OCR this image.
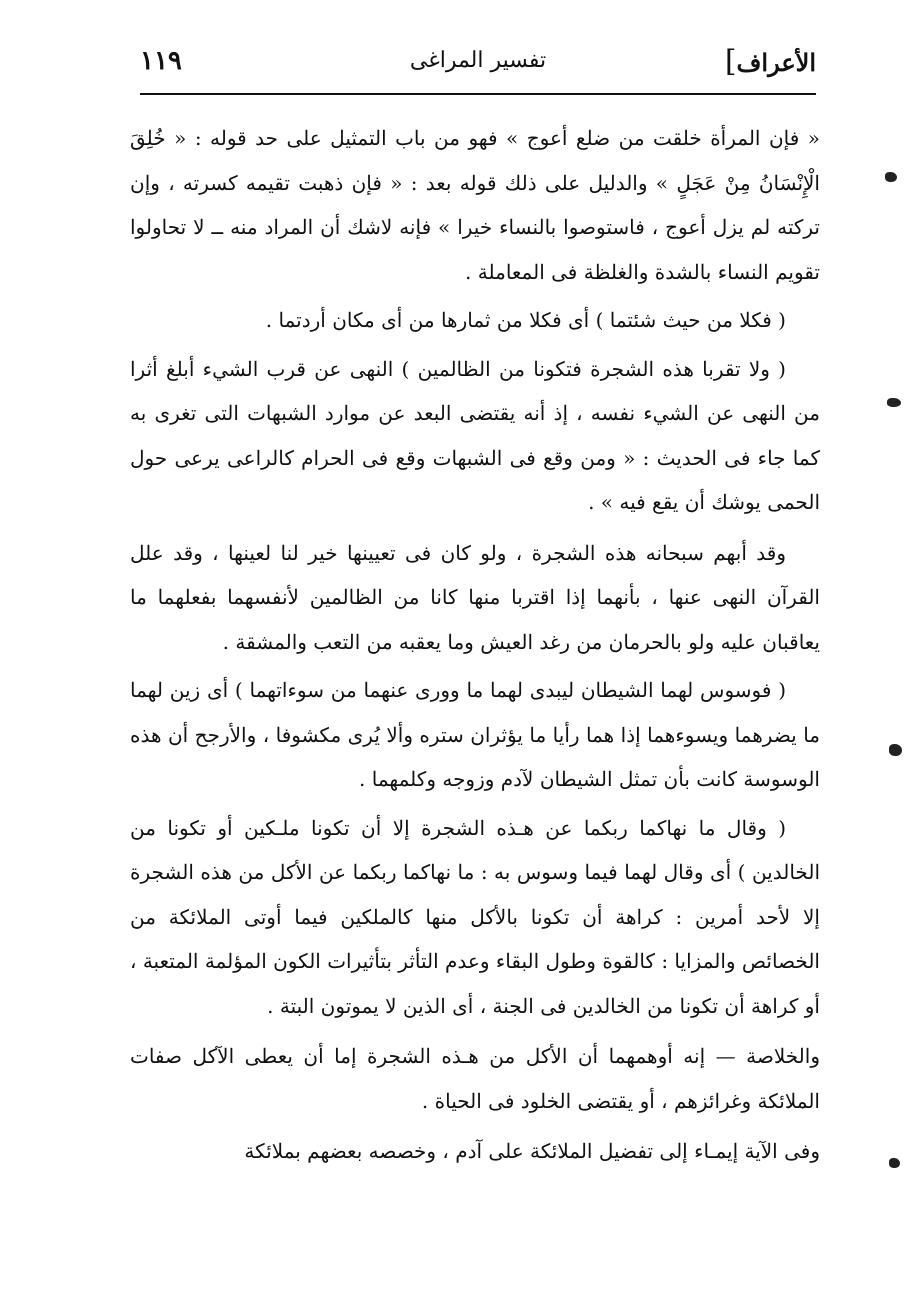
الأعراف]
تفسير المراغى
١١٩

« فإن المرأة خلقت من ضلع أعوج » فهو من باب التمثيل على حد قوله : « خُلِقَ الْإِنْسَانُ مِنْ عَجَلٍ » والدليل على ذلك قوله بعد : « فإن ذهبت تقيمه كسرته ، وإن تركته لم يزل أعوج ، فاستوصوا بالنساء خيرا » فإنه لاشك أن المراد منه ــ لا تحاولوا تقويم النساء بالشدة والغلظة فى المعاملة .

( فكلا من حيث شئتما ) أى فكلا من ثمارها من أى مكان أردتما .

( ولا تقربا هذه الشجرة فتكونا من الظالمين ) النهى عن قرب الشيء أبلغ أثرا من النهى عن الشيء نفسه ، إذ أنه يقتضى البعد عن موارد الشبهات التى تغرى به كما جاء فى الحديث : « ومن وقع فى الشبهات وقع فى الحرام كالراعى يرعى حول الحمى يوشك أن يقع فيه » .

وقد أبهم سبحانه هذه الشجرة ، ولو كان فى تعيينها خير لنا لعينها ، وقد علل القرآن النهى عنها ، بأنهما إذا اقتربا منها كانا من الظالمين لأنفسهما بفعلهما ما يعاقبان عليه ولو بالحرمان من رغد العيش وما يعقبه من التعب والمشقة .

( فوسوس لهما الشيطان ليبدى لهما ما وورى عنهما من سوءاتهما ) أى زين لهما ما يضرهما ويسوءهما إذا هما رأيا ما يؤثران ستره وألا يُرى مكشوفا ، والأرجح أن هذه الوسوسة كانت بأن تمثل الشيطان لآدم وزوجه وكلمهما .

( وقال ما نهاكما ربكما عن هـذه الشجرة إلا أن تكونا ملـكين أو تكونا من الخالدين ) أى وقال لهما فيما وسوس به : ما نهاكما ربكما عن الأكل من هذه الشجرة إلا لأحد أمرين : كراهة أن تكونا بالأكل منها كالملكين فيما أوتى الملائكة من الخصائص والمزايا : كالقوة وطول البقاء وعدم التأثر بتأثيرات الكون المؤلمة المتعبة ، أو كراهة أن تكونا من الخالدين فى الجنة ، أى الذين لا يموتون البتة .

والخلاصة — إنه أوهمهما أن الأكل من هـذه الشجرة إما أن يعطى الآكل صفات الملائكة وغرائزهم ، أو يقتضى الخلود فى الحياة .

وفى الآية إيمـاء إلى تفضيل الملائكة على آدم ، وخصصه بعضهم بملائكة
